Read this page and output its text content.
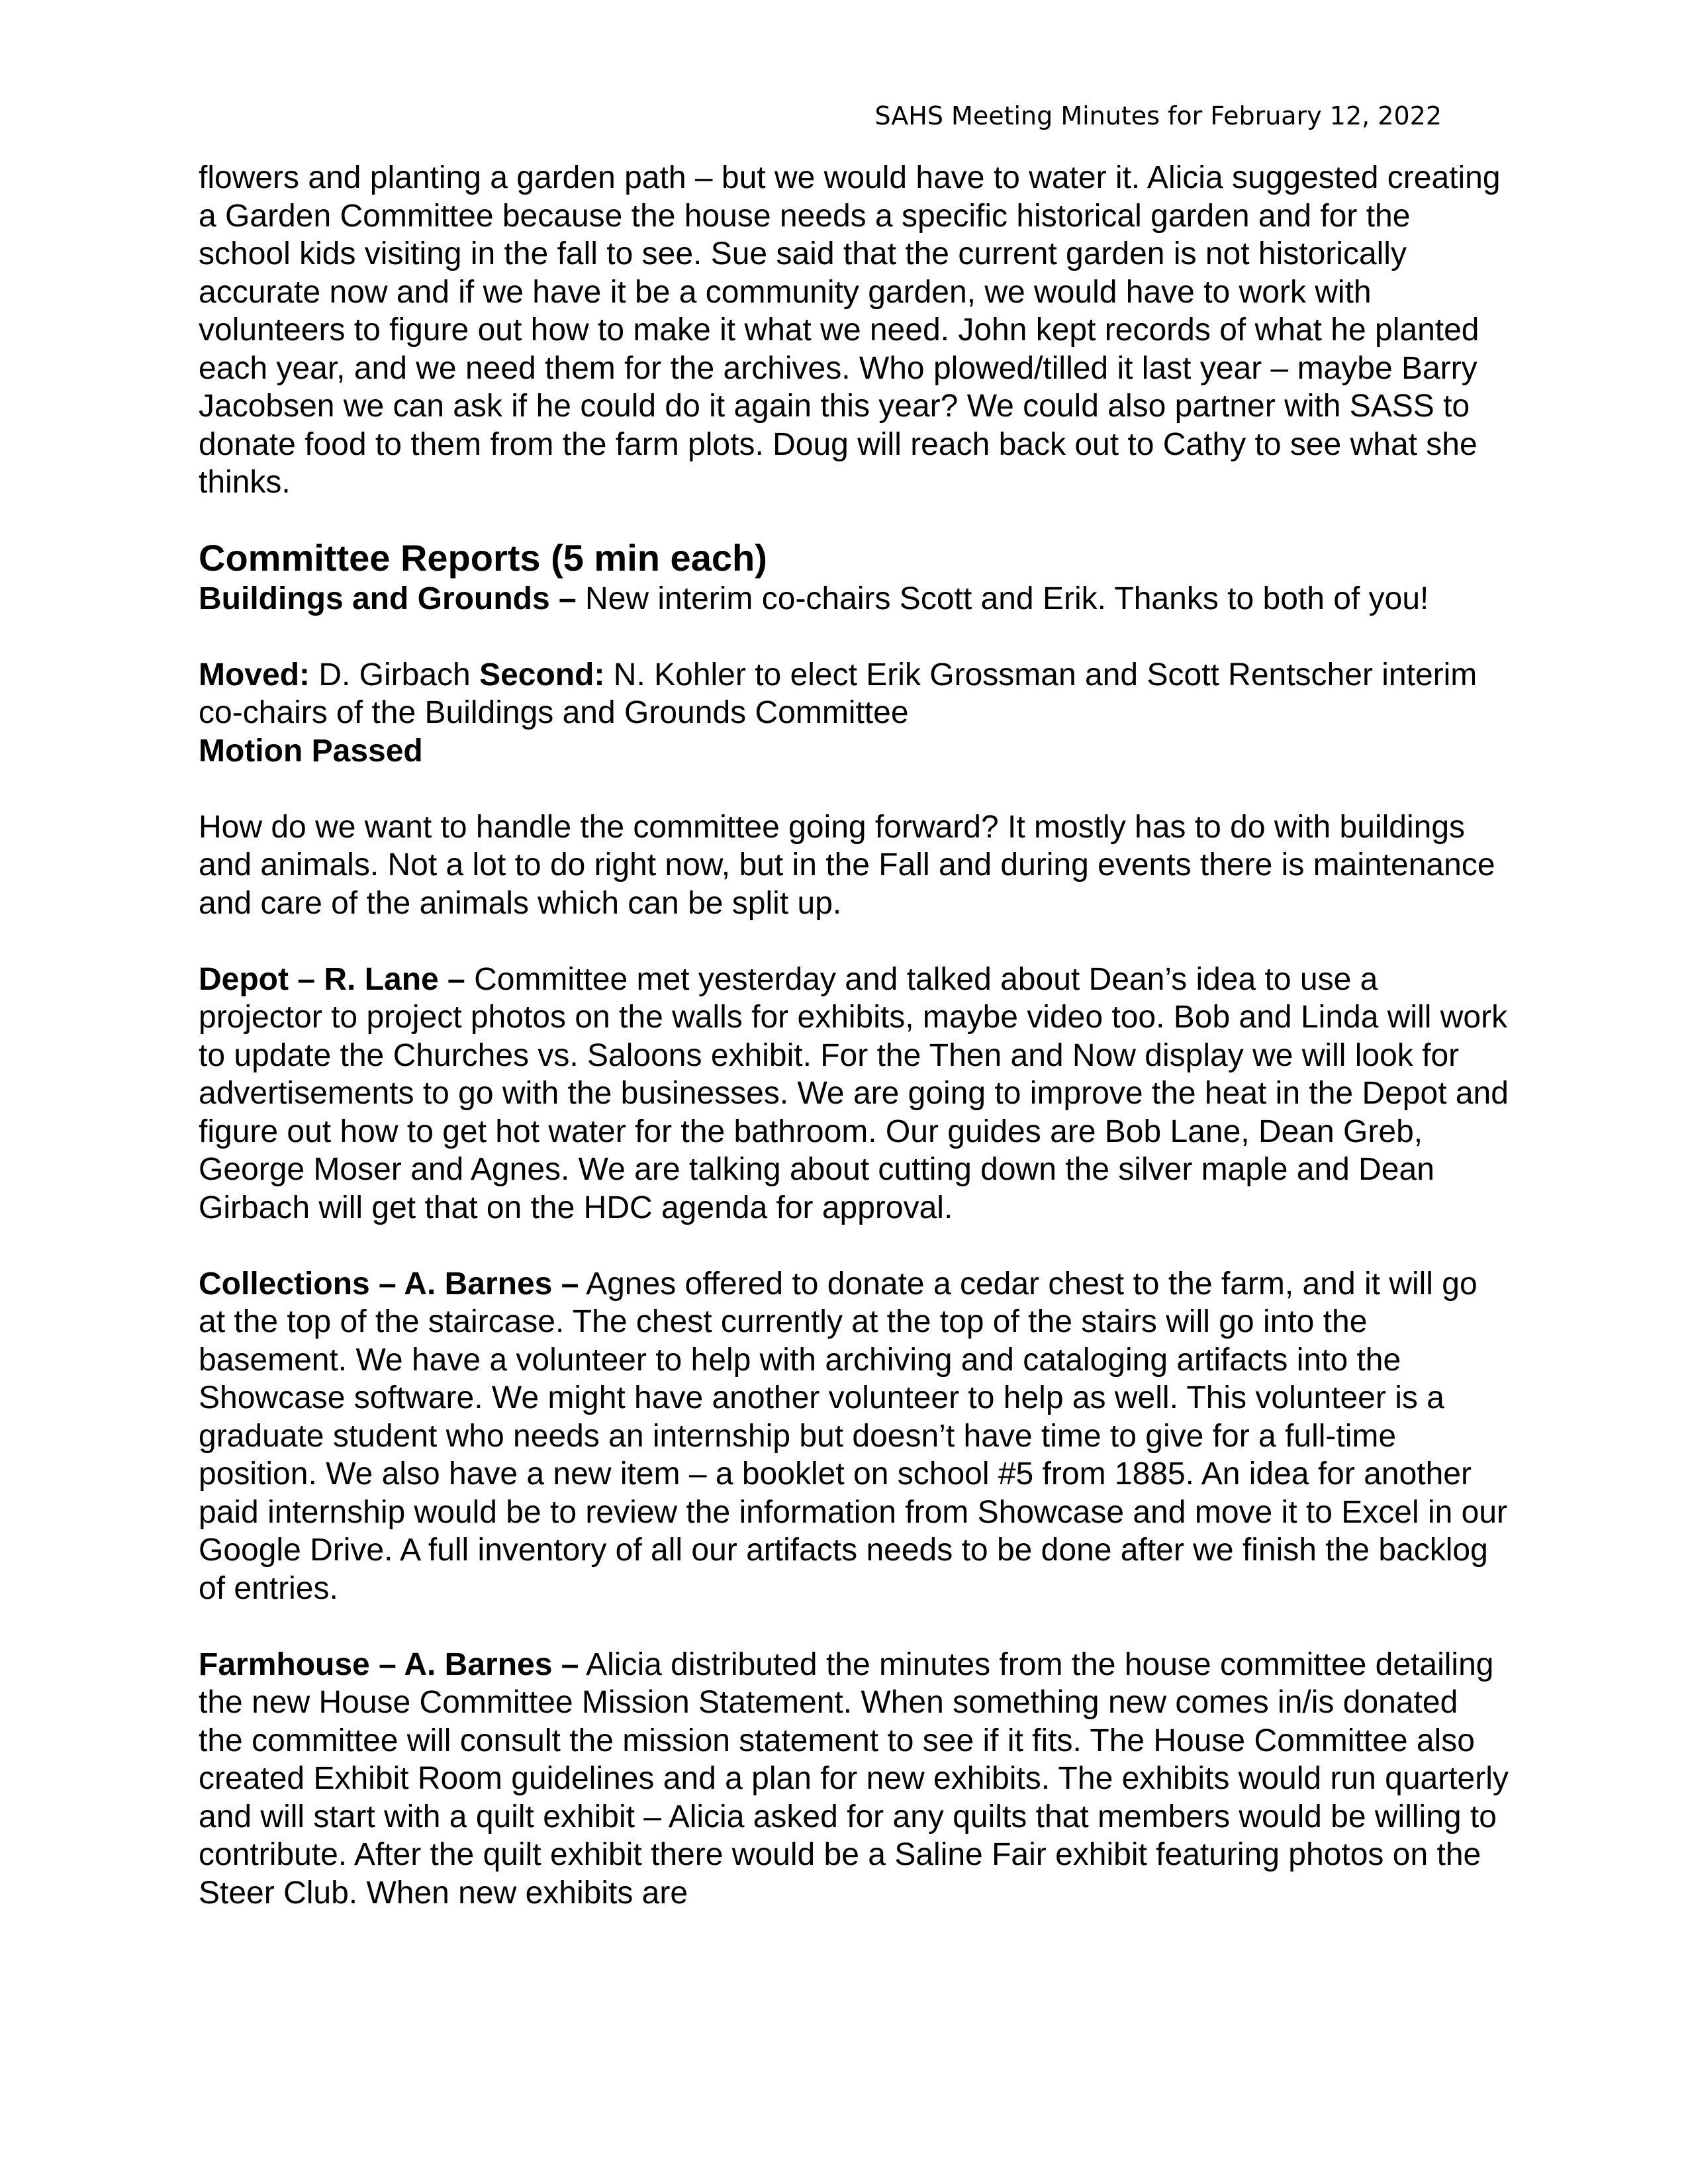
SAHS Meeting Minutes for February 12, 2022

flowers and planting a garden path – but we would have to water it. Alicia suggested creating a Garden Committee because the house needs a specific historical garden and for the school kids visiting in the fall to see. Sue said that the current garden is not historically accurate now and if we have it be a community garden, we would have to work with volunteers to figure out how to make it what we need. John kept records of what he planted each year, and we need them for the archives. Who plowed/tilled it last year – maybe Barry Jacobsen we can ask if he could do it again this year? We could also partner with SASS to donate food to them from the farm plots. Doug will reach back out to Cathy to see what she thinks.

Committee Reports (5 min each)

Buildings and Grounds – New interim co-chairs Scott and Erik. Thanks to both of you!

Moved: D. Girbach Second: N. Kohler to elect Erik Grossman and Scott Rentscher interim co-chairs of the Buildings and Grounds Committee

Motion Passed

How do we want to handle the committee going forward? It mostly has to do with buildings and animals. Not a lot to do right now, but in the Fall and during events there is maintenance and care of the animals which can be split up.

Depot – R. Lane – Committee met yesterday and talked about Dean’s idea to use a projector to project photos on the walls for exhibits, maybe video too. Bob and Linda will work to update the Churches vs. Saloons exhibit. For the Then and Now display we will look for advertisements to go with the businesses. We are going to improve the heat in the Depot and figure out how to get hot water for the bathroom. Our guides are Bob Lane, Dean Greb, George Moser and Agnes. We are talking about cutting down the silver maple and Dean Girbach will get that on the HDC agenda for approval.

Collections – A. Barnes – Agnes offered to donate a cedar chest to the farm, and it will go at the top of the staircase. The chest currently at the top of the stairs will go into the basement. We have a volunteer to help with archiving and cataloging artifacts into the Showcase software. We might have another volunteer to help as well. This volunteer is a graduate student who needs an internship but doesn’t have time to give for a full-time position. We also have a new item – a booklet on school #5 from 1885. An idea for another paid internship would be to review the information from Showcase and move it to Excel in our Google Drive. A full inventory of all our artifacts needs to be done after we finish the backlog of entries.

Farmhouse – A. Barnes – Alicia distributed the minutes from the house committee detailing the new House Committee Mission Statement. When something new comes in/is donated the committee will consult the mission statement to see if it fits. The House Committee also created Exhibit Room guidelines and a plan for new exhibits. The exhibits would run quarterly and will start with a quilt exhibit – Alicia asked for any quilts that members would be willing to contribute. After the quilt exhibit there would be a Saline Fair exhibit featuring photos on the Steer Club. When new exhibits are
